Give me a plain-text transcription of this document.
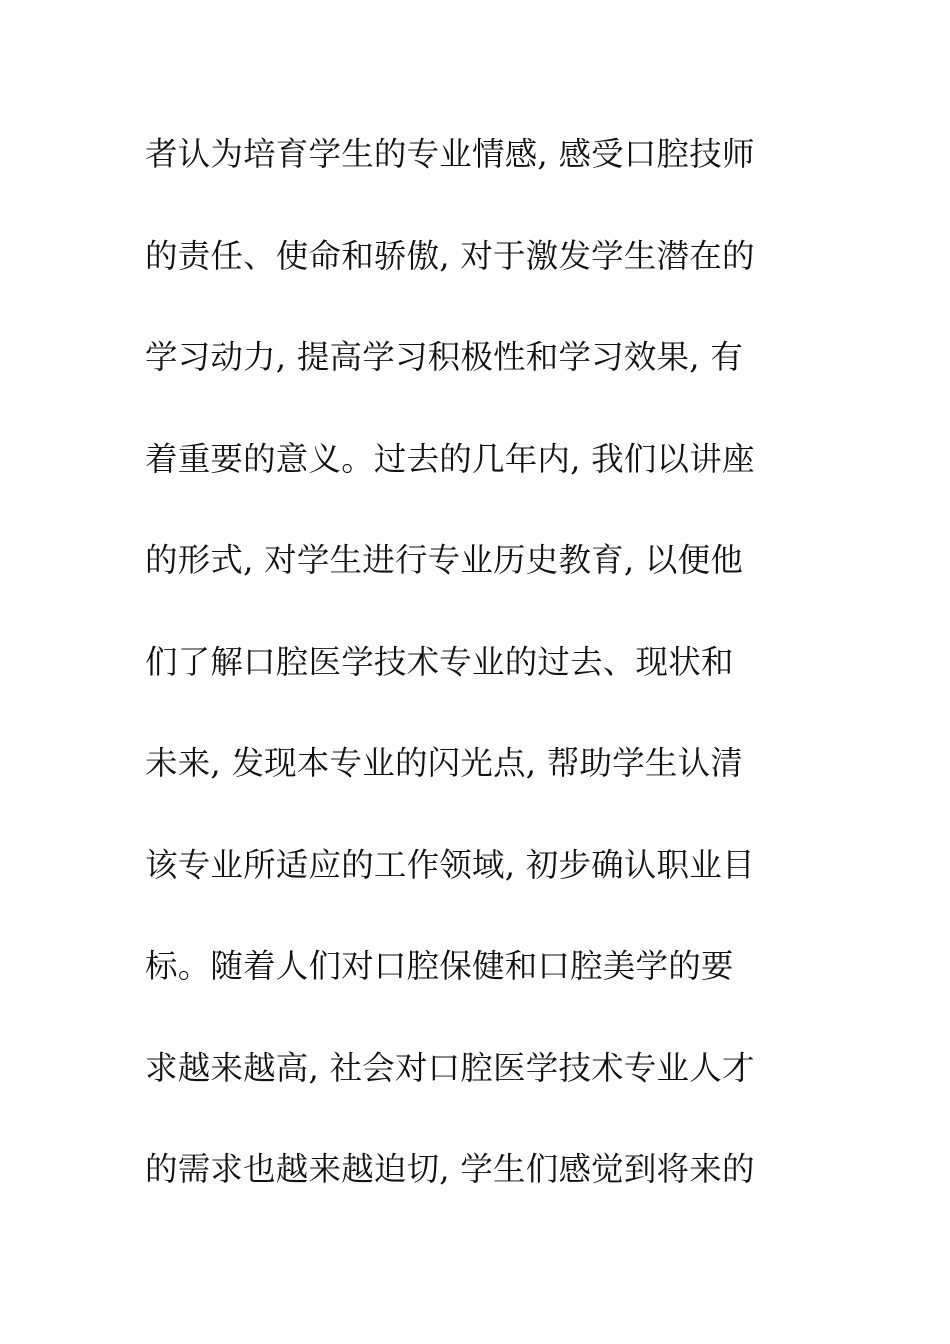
者认为培育学生的专业情感, 感受口腔技师
的责任、使命和骄傲, 对于激发学生潜在的
学习动力, 提高学习积极性和学习效果, 有
着重要的意义。过去的几年内, 我们以讲座
的形式, 对学生进行专业历史教育, 以便他
们了解口腔医学技术专业的过去、现状和
未来, 发现本专业的闪光点, 帮助学生认清
该专业所适应的工作领域, 初步确认职业目
标。随着人们对口腔保健和口腔美学的要
求越来越高, 社会对口腔医学技术专业人才
的需求也越来越迫切, 学生们感觉到将来的
